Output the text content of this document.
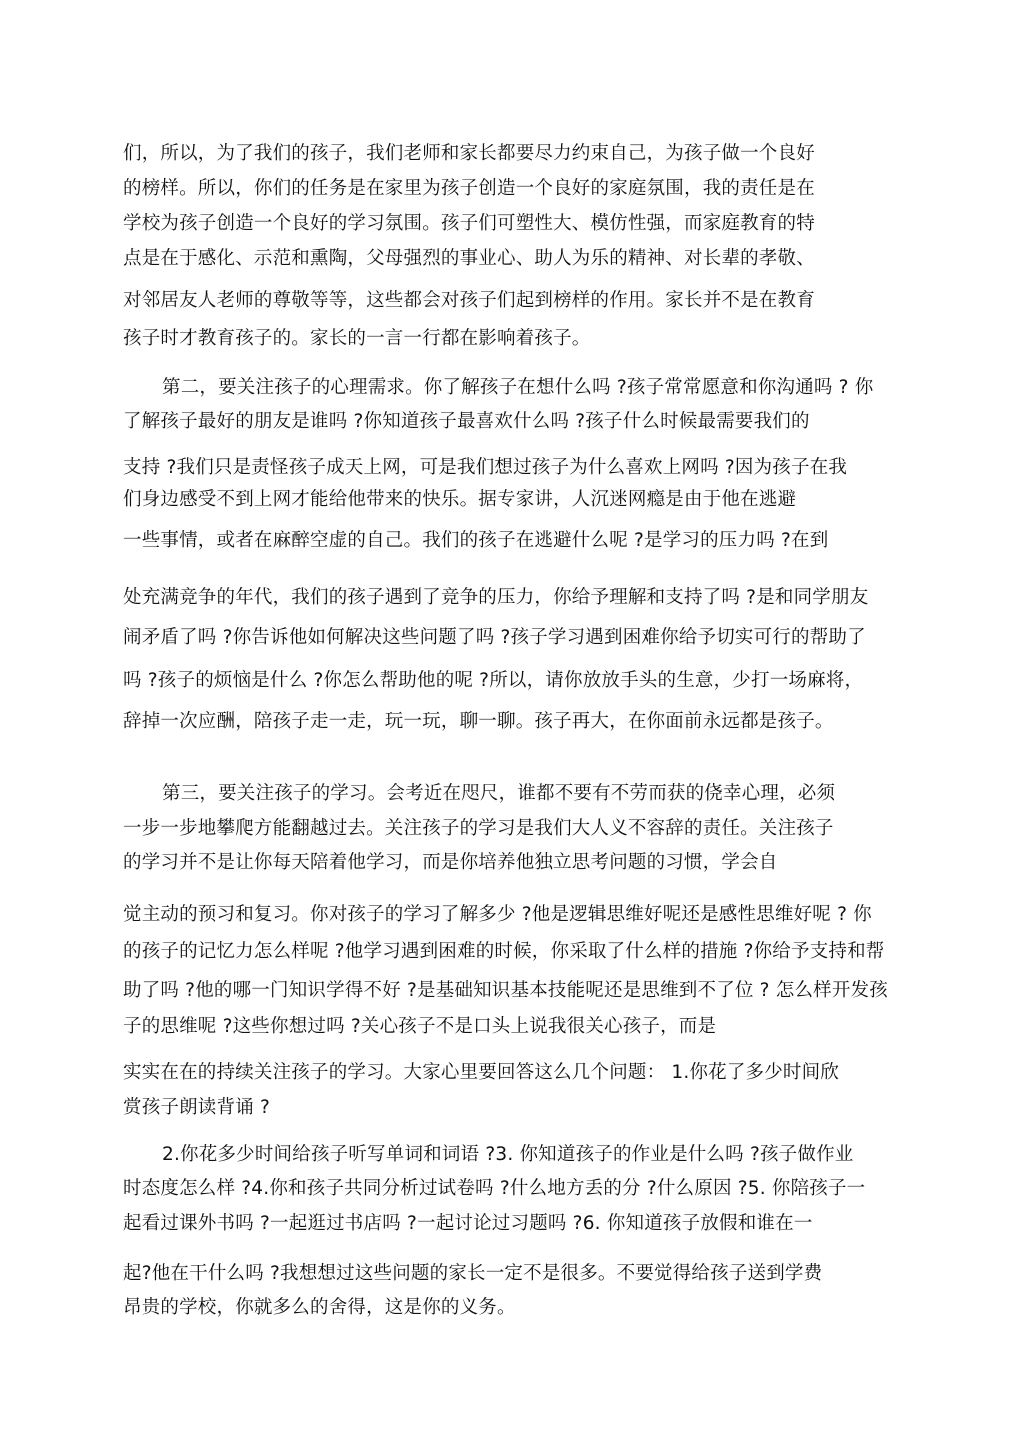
们，所以，为了我们的孩子，我们老师和家长都要尽力约束自己，为孩子做一个良好
的榜样。所以，你们的任务是在家里为孩子创造一个良好的家庭氛围，我的责任是在
学校为孩子创造一个良好的学习氛围。孩子们可塑性大、模仿性强，而家庭教育的特
点是在于感化、示范和熏陶，父母强烈的事业心、助人为乐的精神、对长辈的孝敬、
对邻居友人老师的尊敬等等，这些都会对孩子们起到榜样的作用。家长并不是在教育
孩子时才教育孩子的。家长的一言一行都在影响着孩子。
第二，要关注孩子的心理需求。你了解孩子在想什么吗 ?孩子常常愿意和你沟通吗 ? 你
了解孩子最好的朋友是谁吗 ?你知道孩子最喜欢什么吗 ?孩子什么时候最需要我们的
支持 ?我们只是责怪孩子成天上网，可是我们想过孩子为什么喜欢上网吗 ?因为孩子在我
们身边感受不到上网才能给他带来的快乐。据专家讲，人沉迷网瘾是由于他在逃避
一些事情，或者在麻醉空虚的自己。我们的孩子在逃避什么呢 ?是学习的压力吗 ?在到
处充满竞争的年代，我们的孩子遇到了竞争的压力，你给予理解和支持了吗 ?是和同学朋友
闹矛盾了吗 ?你告诉他如何解决这些问题了吗 ?孩子学习遇到困难你给予切实可行的帮助了
吗 ?孩子的烦恼是什么 ?你怎么帮助他的呢 ?所以，请你放放手头的生意，少打一场麻将，
辞掉一次应酬，陪孩子走一走，玩一玩，聊一聊。孩子再大，在你面前永远都是孩子。
第三，要关注孩子的学习。会考近在咫尺，谁都不要有不劳而获的侥幸心理，必须
一步一步地攀爬方能翻越过去。关注孩子的学习是我们大人义不容辞的责任。关注孩子
的学习并不是让你每天陪着他学习，而是你培养他独立思考问题的习惯，学会自
觉主动的预习和复习。你对孩子的学习了解多少 ?他是逻辑思维好呢还是感性思维好呢 ? 你
的孩子的记忆力怎么样呢 ?他学习遇到困难的时候，你采取了什么样的措施 ?你给予支持和帮
助了吗 ?他的哪一门知识学得不好 ?是基础知识基本技能呢还是思维到不了位 ? 怎么样开发孩
子的思维呢 ?这些你想过吗 ?关心孩子不是口头上说我很关心孩子，而是
实实在在的持续关注孩子的学习。大家心里要回答这么几个问题： 1.你花了多少时间欣
赏孩子朗读背诵 ?
2.你花多少时间给孩子听写单词和词语 ?3. 你知道孩子的作业是什么吗 ?孩子做作业
时态度怎么样 ?4.你和孩子共同分析过试卷吗 ?什么地方丢的分 ?什么原因 ?5. 你陪孩子一
起看过课外书吗 ?一起逛过书店吗 ?一起讨论过习题吗 ?6. 你知道孩子放假和谁在一
起?他在干什么吗 ?我想想过这些问题的家长一定不是很多。不要觉得给孩子送到学费
昂贵的学校，你就多么的舍得，这是你的义务。
